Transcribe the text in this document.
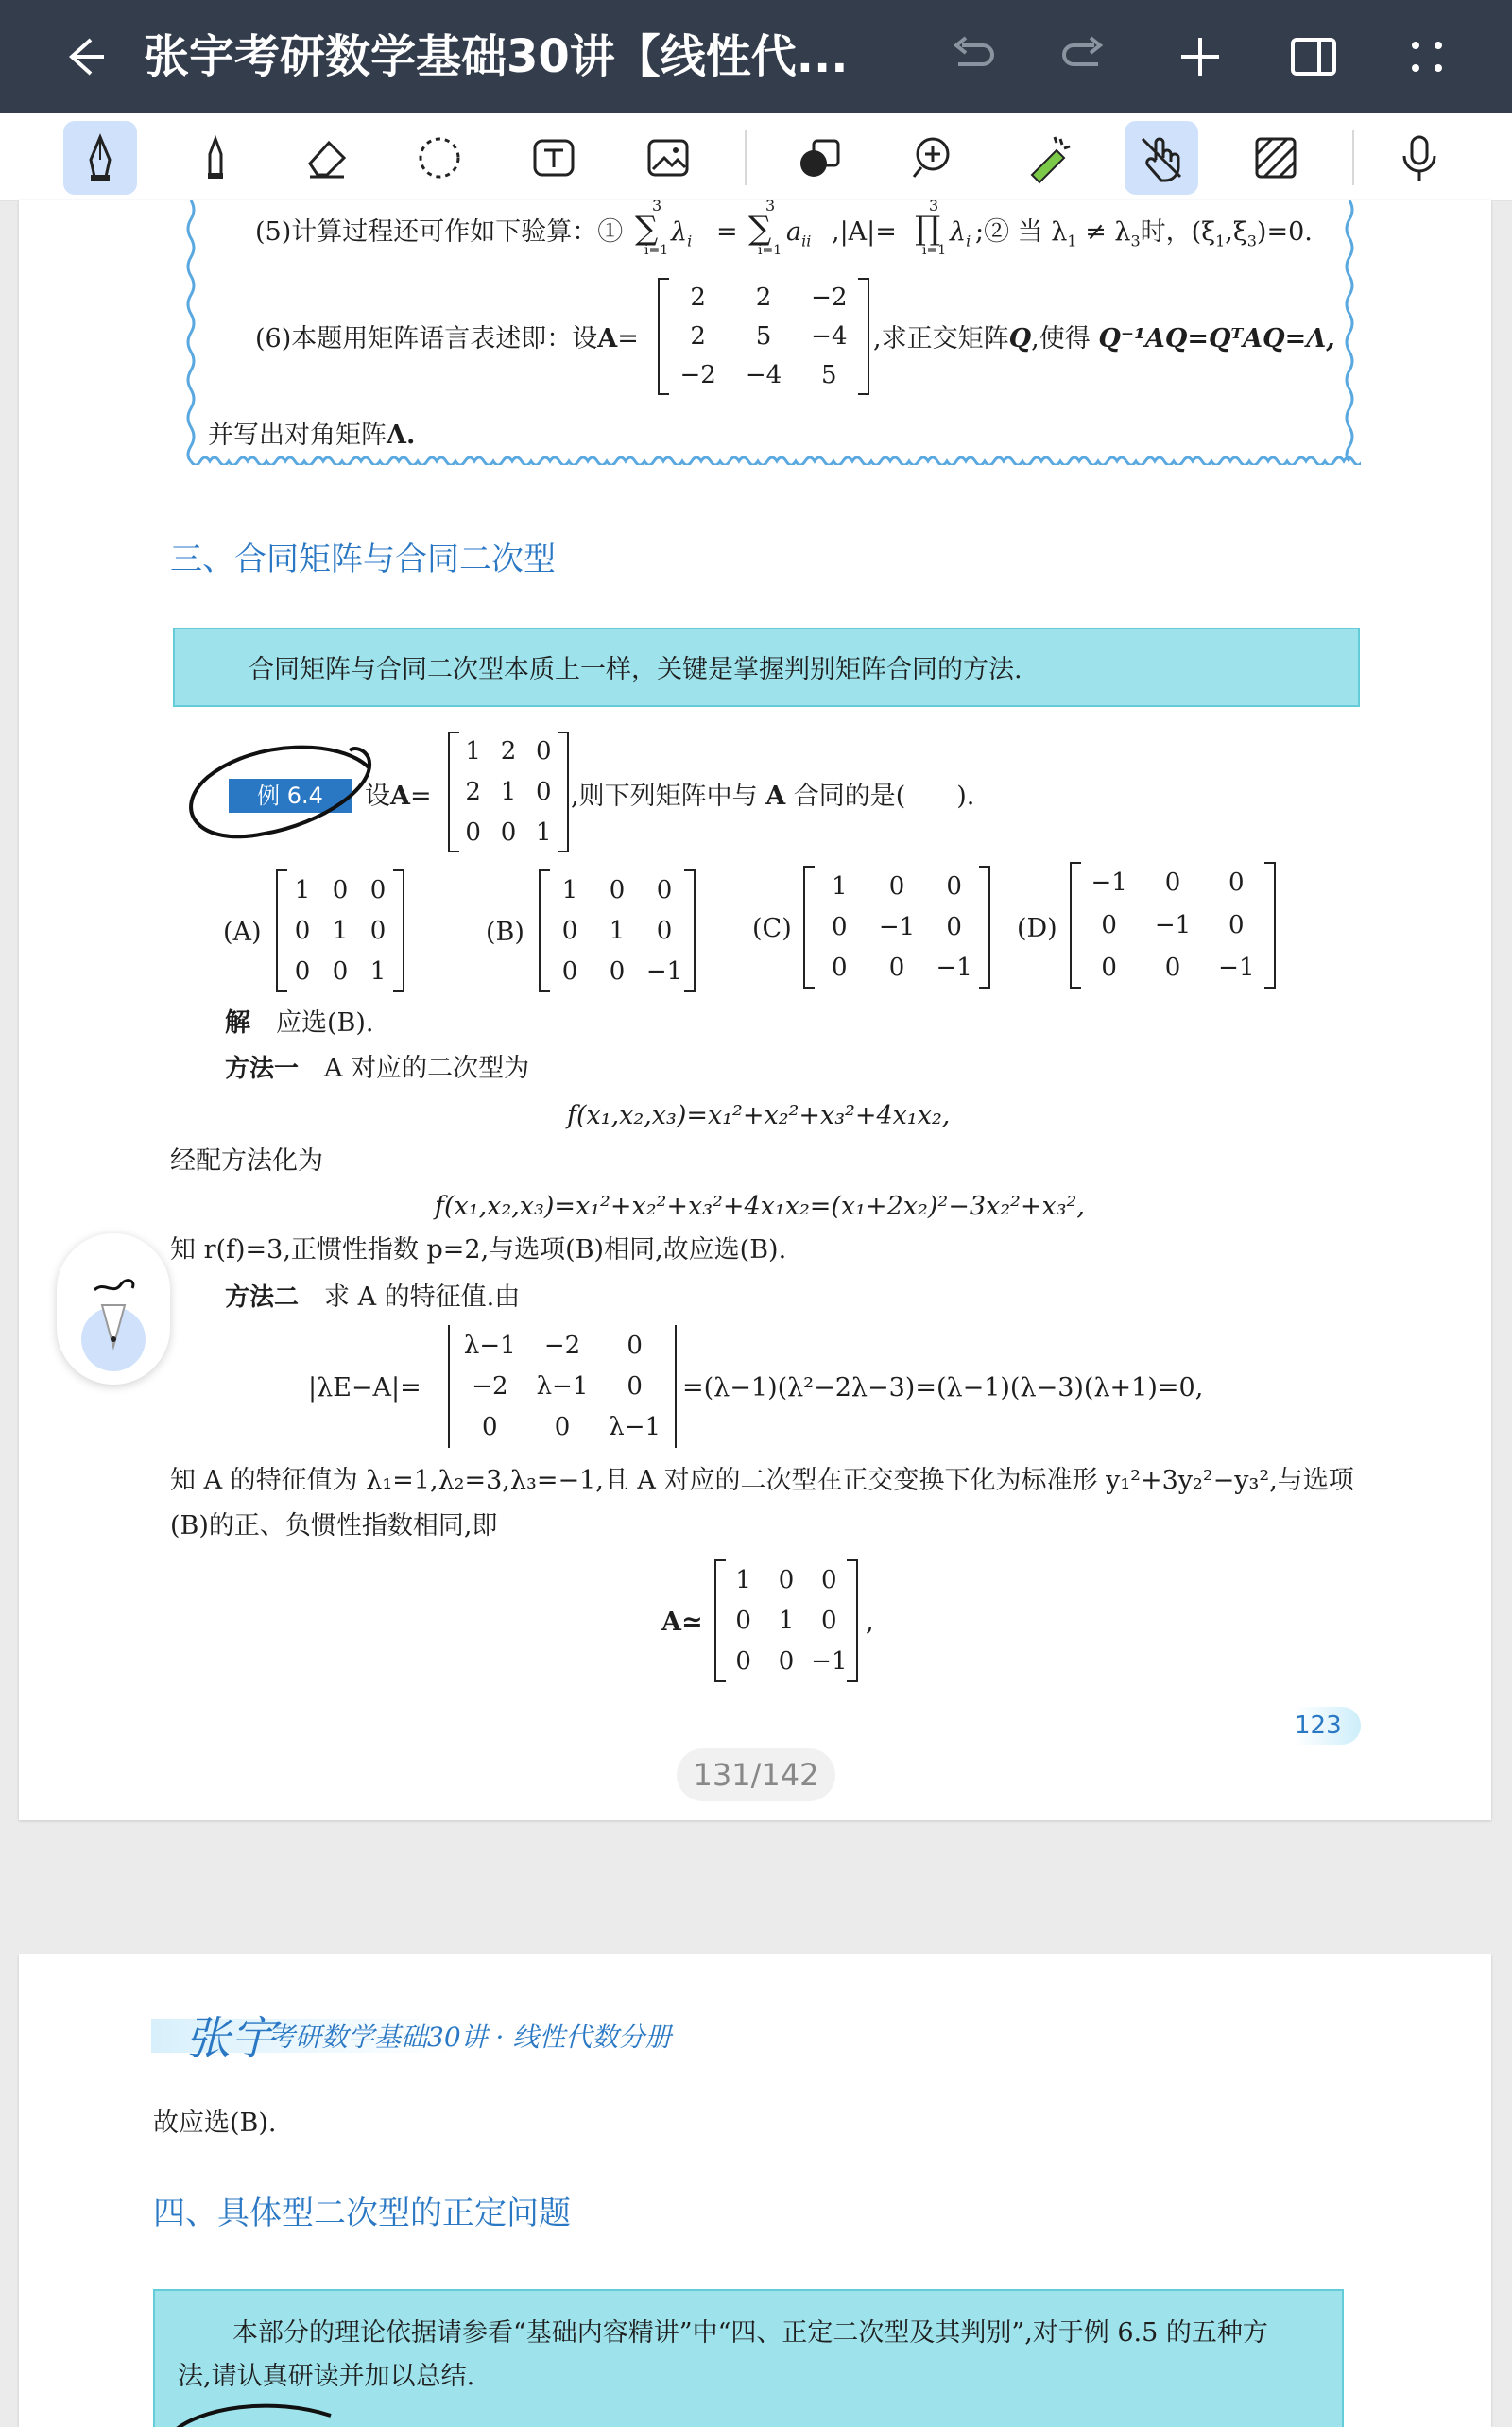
张宇考研数学基础30讲【线性代...
(5)计算过程还可作如下验算：①
3
∑
i=1
$\lambda_i$ =
3
∑
i=1
$a_{ii}$ ,|A|=
3
∏
i=1
$\lambda_i$ ;② 当 $\lambda_1 \ne \lambda_3$时，$(\xi_1,\xi_3)=0$.
(6)本题用矩阵语言表述即：设A=
2	2	−2
2	5	−4
−2	−4	5
,求正交矩阵Q,使得 Q⁻¹AQ=QᵀAQ=Λ,
并写出对角矩阵Λ.
三、合同矩阵与合同二次型
合同矩阵与合同二次型本质上一样，关键是掌握判别矩阵合同的方法.
例 6.4	设A=
1 2 0
2 1 0
0 0 1
,则下列矩阵中与 A 合同的是(　　).
(A)
1 0 0
0 1 0
0 0 1
(B)
1	0	0
0	1	0
0	0 −1
(C)
1	0	0
0	−1	0
0	0	−1
(D)
−1	0	0
0	−1	0
0	0	−1
解　 应选(B).
方法一　 A 对应的二次型为
f(x₁,x₂,x₃)=x₁²+x₂²+x₃²+4x₁x₂,
经配方法化为
f(x₁,x₂,x₃)=x₁²+x₂²+x₃²+4x₁x₂=(x₁+2x₂)²−3x₂²+x₃²,
知 r(f)=3,正惯性指数 p=2,与选项(B)相同,故应选(B).
方法二　 求 A 的特征值.由
|λE−A|=
λ−1	−2	0
−2	λ−1	0
0	0	λ−1
=(λ−1)(λ²−2λ−3)=(λ−1)(λ−3)(λ+1)=0,
知 A 的特征值为 λ₁=1,λ₂=3,λ₃=−1,且 A 对应的二次型在正交变换下化为标准形 y₁²+3y₂²−y₃²,与选项
(B)的正、负惯性指数相同,即
A≃
1	0	0
0	1	0
0	0 −1
,
123
131/142
张宇
考研数学基础30讲 · 线性代数分册
故应选(B).
四、具体型二次型的正定问题
本部分的理论依据请参看“基础内容精讲”中“四、正定二次型及其判别”,对于例 6.5 的五种方
法,请认真研读并加以总结.
